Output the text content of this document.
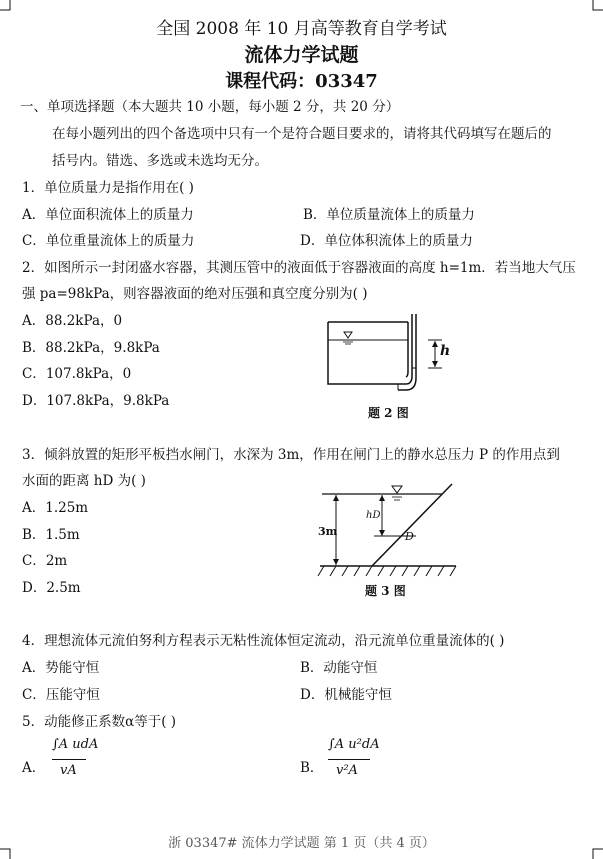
全国 2008 年 10 月高等教育自学考试
流体力学试题
课程代码：03347
一、单项选择题（本大题共 10 小题，每小题 2 分，共 20 分）
在每小题列出的四个备选项中只有一个是符合题目要求的，请将其代码填写在题后的
括号内。错选、多选或未选均无分。
1．单位质量力是指作用在( )
A．单位面积流体上的质量力	B．单位质量流体上的质量力
C．单位重量流体上的质量力	D．单位体积流体上的质量力
2．如图所示一封闭盛水容器，其测压管中的液面低于容器液面的高度 h=1m．若当地大气压
强 pa=98kPa，则容器液面的绝对压强和真空度分别为( )
A．88.2kPa，0
B．88.2kPa，9.8kPa
C．107.8kPa，0
D．107.8kPa，9.8kPa
h
题 2 图
3．倾斜放置的矩形平板挡水闸门，水深为 3m，作用在闸门上的静水总压力 P 的作用点到
水面的距离 hD 为( )
A．1.25m
B．1.5m
C．2m
D．2.5m
3m
hD
D
题 3 图
4．理想流体元流伯努利方程表示无粘性流体恒定流动，沿元流单位重量流体的( )
A．势能守恒	B．动能守恒
C．压能守恒	D．机械能守恒
5．动能修正系数α等于( )
A．
∫A udA
vA	B．
∫A u²dA
v²A
浙 03347# 流体力学试题 第 1 页（共 4 页）
